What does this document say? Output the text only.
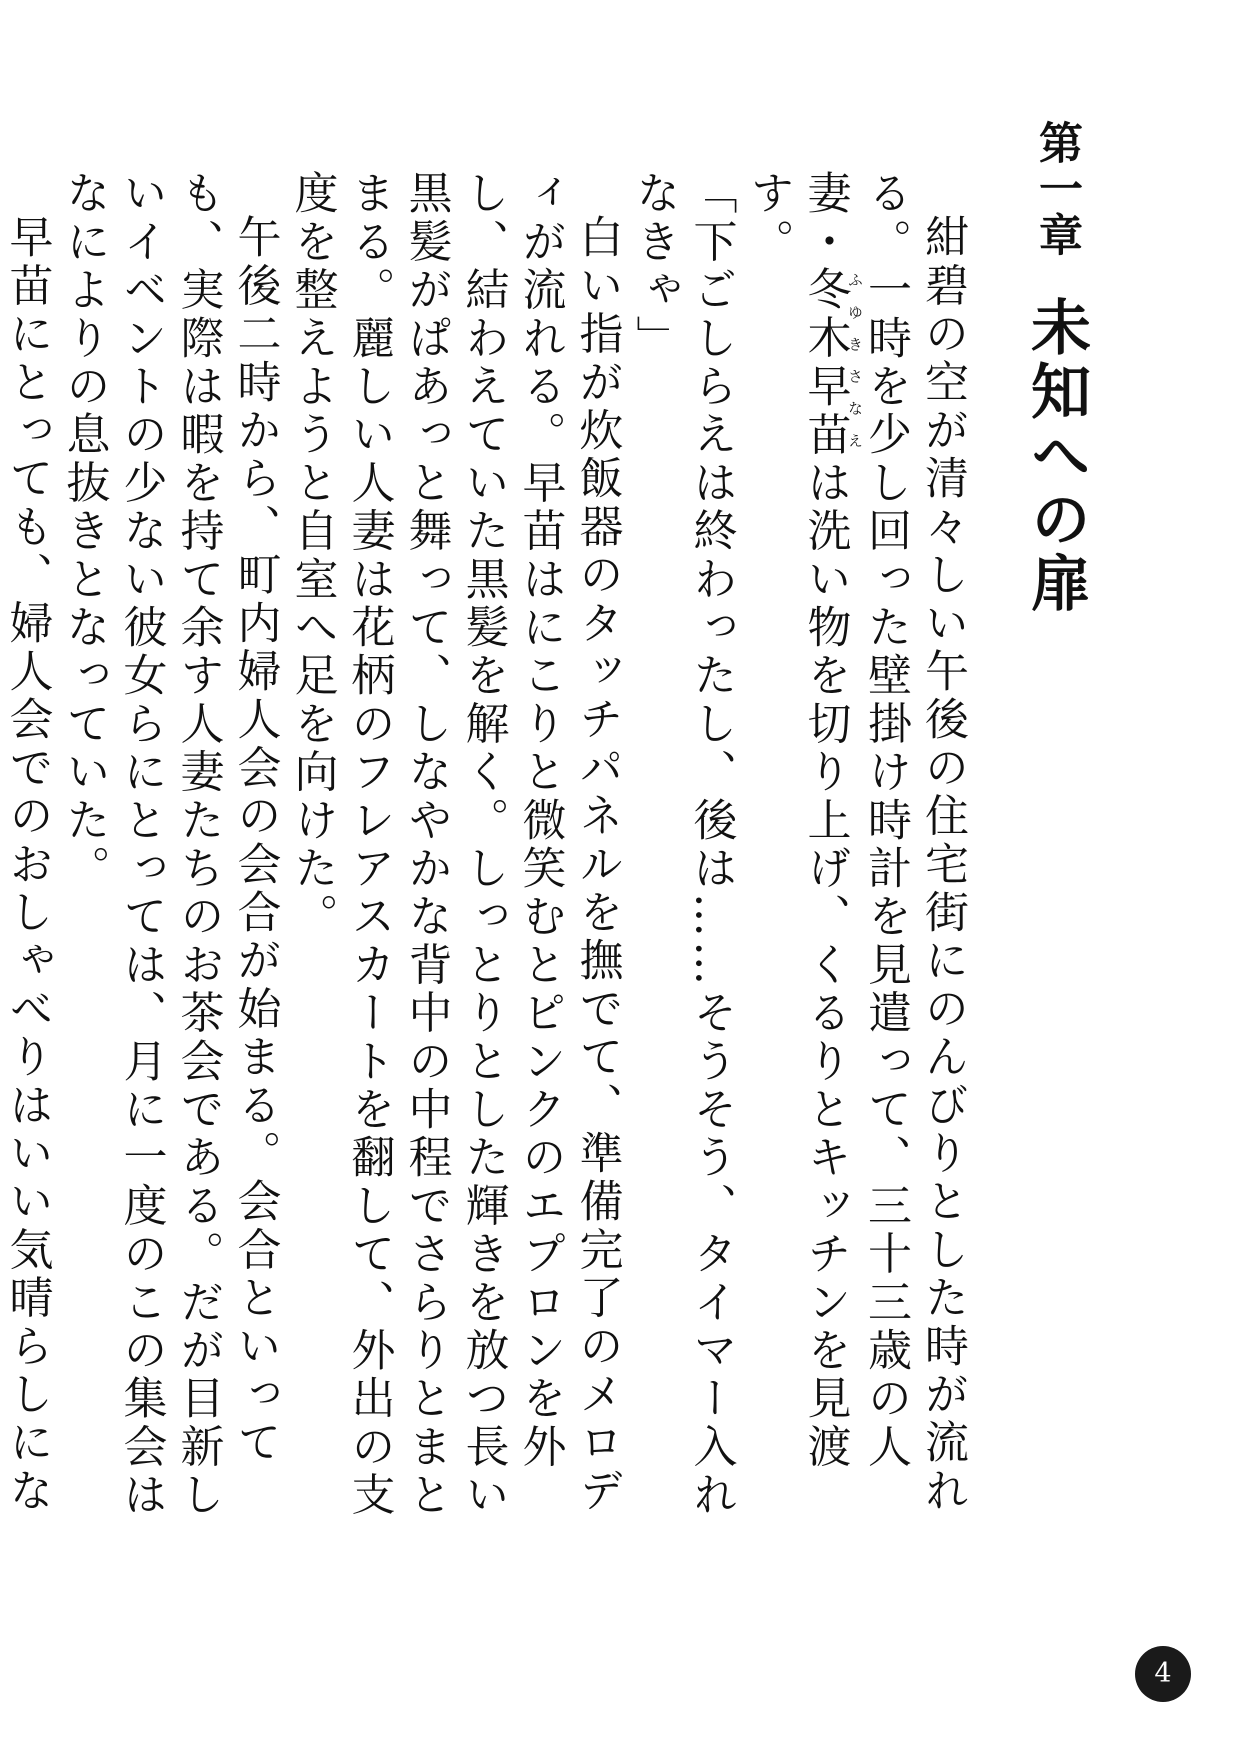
第一章未知への扉

紺碧の空が清々しい午後の住宅街にのんびりとした時が流れる。一時を少し回った壁掛け時計を見遣って、三十三歳の人妻・冬木ふゆき早苗さなえは洗い物を切り上げ、くるりとキッチンを見渡す。

「下ごしらえは終わったし、後は……そうそう、タイマー入れなきゃ」

白い指が炊飯器のタッチパネルを撫でて、準備完了のメロディが流れる。早苗はにこりと微笑むとピンクのエプロンを外し、結わえていた黒髪を解く。しっとりとした輝きを放つ長い黒髪がぱあっと舞って、しなやかな背中の中程でさらりとまとまる。麗しい人妻は花柄のフレアスカートを翻して、外出の支度を整えようと自室へ足を向けた。

午後二時から、町内婦人会の会合が始まる。会合といっても、実際は暇を持て余す人妻たちのお茶会である。だが目新しいイベントの少ない彼女らにとっては、月に一度のこの集会はなによりの息抜きとなっていた。

早苗にとっても、婦人会でのおしゃべりはいい気晴らしにな

4
